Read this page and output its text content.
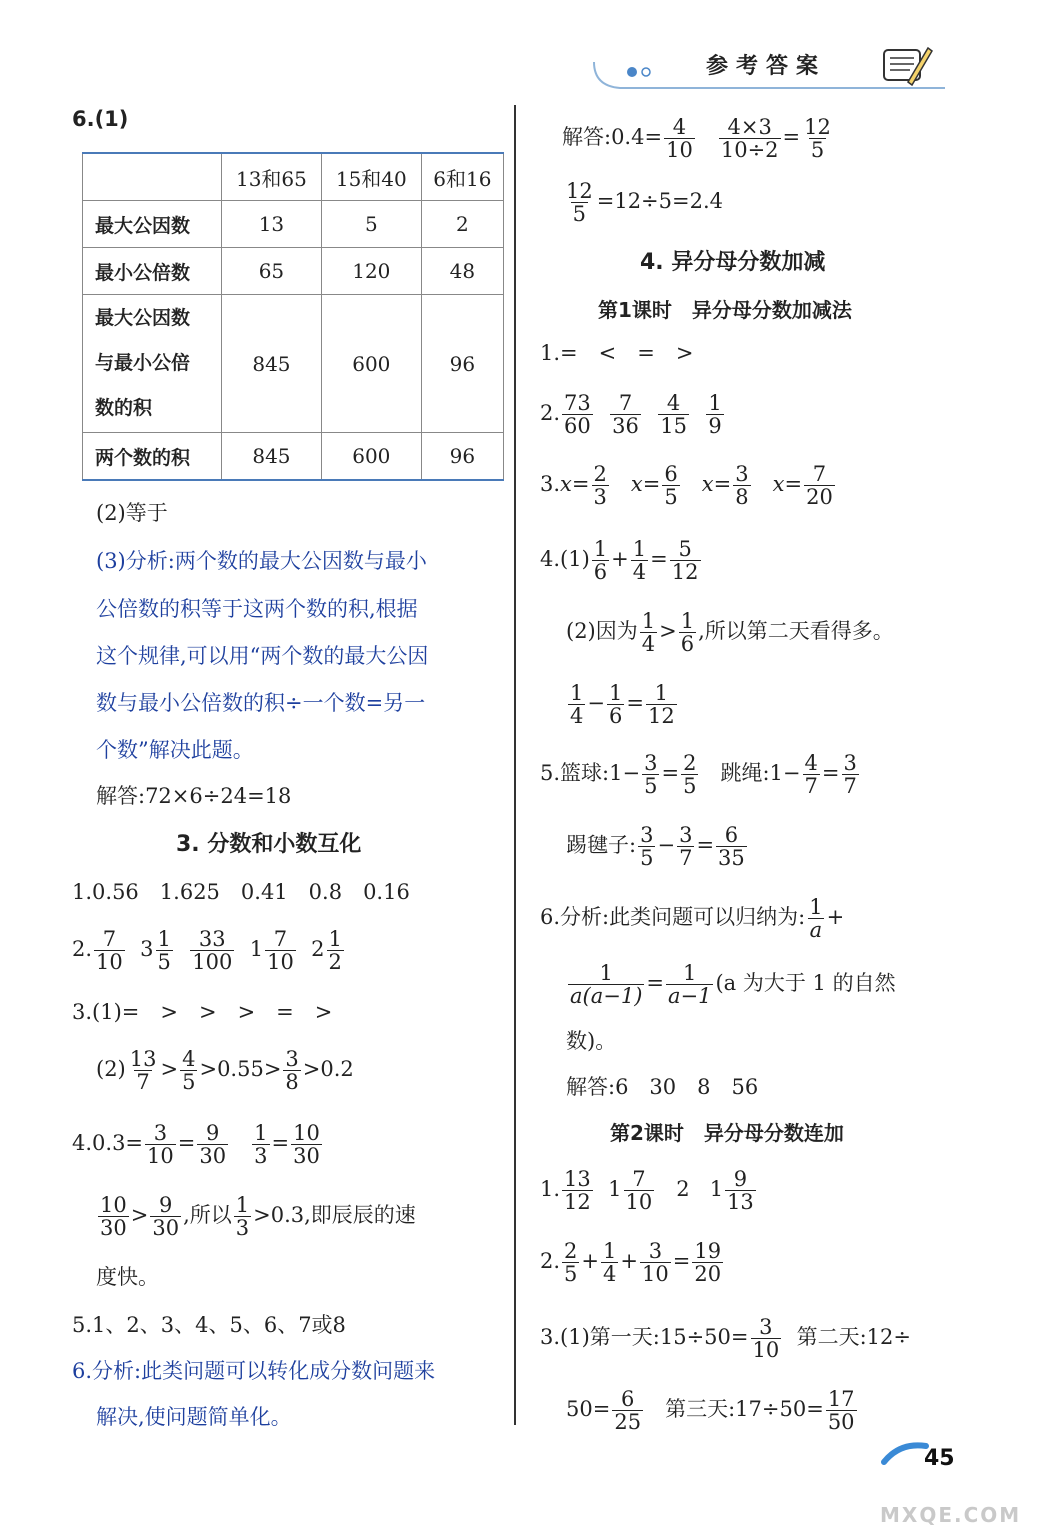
参考答案
6.(1)
	13和65	15和40	6和16
最大公因数	13	5	2
最小公倍数	65	120	48

最大公因数
与最小公倍
数的积	845	600	96
两个数的积	845	600	96
(2)等于
(3)分析:两个数的最大公因数与最小
公倍数的积等于这两个数的积,根据
这个规律,可以用“两个数的最大公因
数与最小公倍数的积÷一个数=另一
个数”解决此题。
解答:72×6÷24=18
3. 分数和小数互化
1.0.56　1.625　0.41　0.8　0.16
2. $\frac{7}{10} 3 \frac{1}{5}$
$\frac{33}{100} 1 \frac{7}{10} 2 \frac{1}{2}$
3.(1)=　>　>　>　=　>
$(2) \frac{13}{7} > \frac{4}{5} >0.55> \frac{3}{8} >0.2$
$4.0.3= \frac{3}{10} = \frac{9}{30}$
$\frac{1}{3} = \frac{10}{30}$
$\frac{10}{30} > \frac{9}{30}$ ,所以 $\frac{1}{3} >0.3$,即辰辰的速
度快。
5.1、2、3、4、5、6、7或8
6.分析:此类问题可以转化成分数问题来
解决,使问题简单化。
解答:0.4= $\frac{4}{10}$
$\frac{4\times 3}{10\div 2} = \frac{12}{5}$
$\frac{12}{5} =12\div 5=2.4$
4. 异分母分数加减
第1课时　异分母分数加减法
1.=　<　=　>
2. $\frac{73}{60}$
$\frac{7}{36}$
$\frac{4}{15}$
$\frac{1}{9}$
$3.x= \frac{2}{3} x= \frac{6}{5} x= \frac{3}{8} x= \frac{7}{20}$
$4.(1) \frac{1}{6} + \frac{1}{4} = \frac{5}{12}$
(2)因为 $\frac{1}{4} > \frac{1}{6}$ ,所以第二天看得多。
$\frac{1}{4} - \frac{1}{6} = \frac{1}{12}$
5.篮球:1− $\frac{3}{5} = \frac{2}{5}$ 跳绳:1− $\frac{4}{7} = \frac{3}{7}$
踢毽子: $\frac{3}{5} - \frac{3}{7} = \frac{6}{35}$
6.分析:此类问题可以归纳为: $\frac{1}{a}$ +
$\frac{1}{a(a-1)} = \frac{1}{a-1} (a$ 为大于 1 的自然
数)。
解答:6　30　8　56
第2课时　异分母分数连加
1. $\frac{13}{12} 1 \frac{7}{10} 2$ $1 \frac{9}{13}$
2. $\frac{2}{5} + \frac{1}{4} + \frac{3}{10} = \frac{19}{20}$
3.(1)第一天:15÷50= $\frac{3}{10}$ 第二天:12÷
$50= \frac{6}{25}$ 第三天:17÷50= $\frac{17}{50}$
45
MXQE.COM
